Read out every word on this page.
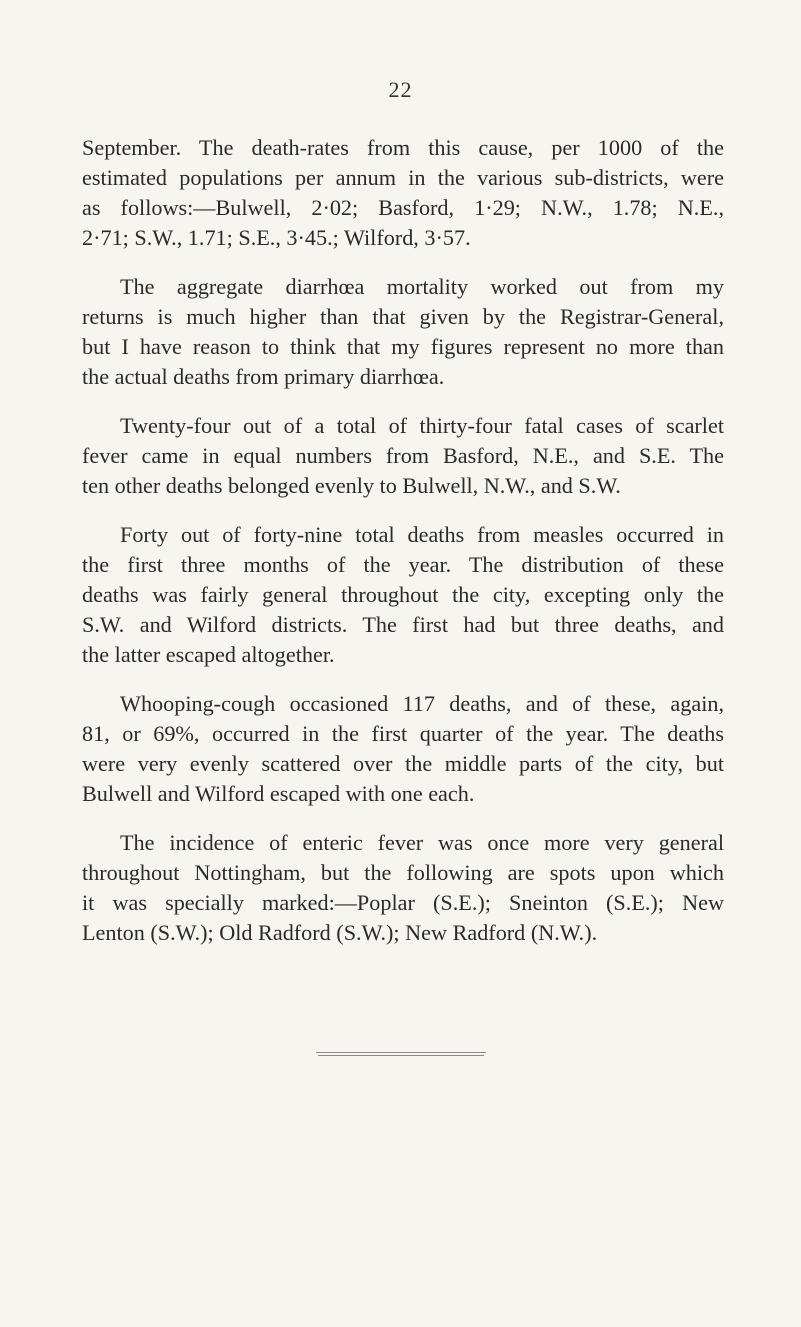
22

September. The death-rates from this cause, per 1000 of the
estimated populations per annum in the various sub-districts, were
as follows:—Bulwell, 2·02; Basford, 1·29; N.W., 1.78; N.E.,
2·71; S.W., 1.71; S.E., 3·45.; Wilford, 3·57.

The aggregate diarrhœa mortality worked out from my
returns is much higher than that given by the Registrar-General,
but I have reason to think that my figures represent no more than
the actual deaths from primary diarrhœa.

Twenty-four out of a total of thirty-four fatal cases of scarlet
fever came in equal numbers from Basford, N.E., and S.E. The
ten other deaths belonged evenly to Bulwell, N.W., and S.W.

Forty out of forty-nine total deaths from measles occurred in
the first three months of the year. The distribution of these
deaths was fairly general throughout the city, excepting only the
S.W. and Wilford districts. The first had but three deaths, and
the latter escaped altogether.

Whooping-cough occasioned 117 deaths, and of these, again,
81, or 69%, occurred in the first quarter of the year. The deaths
were very evenly scattered over the middle parts of the city, but
Bulwell and Wilford escaped with one each.

The incidence of enteric fever was once more very general
throughout Nottingham, but the following are spots upon which
it was specially marked:—Poplar (S.E.); Sneinton (S.E.); New
Lenton (S.W.); Old Radford (S.W.); New Radford (N.W.).
